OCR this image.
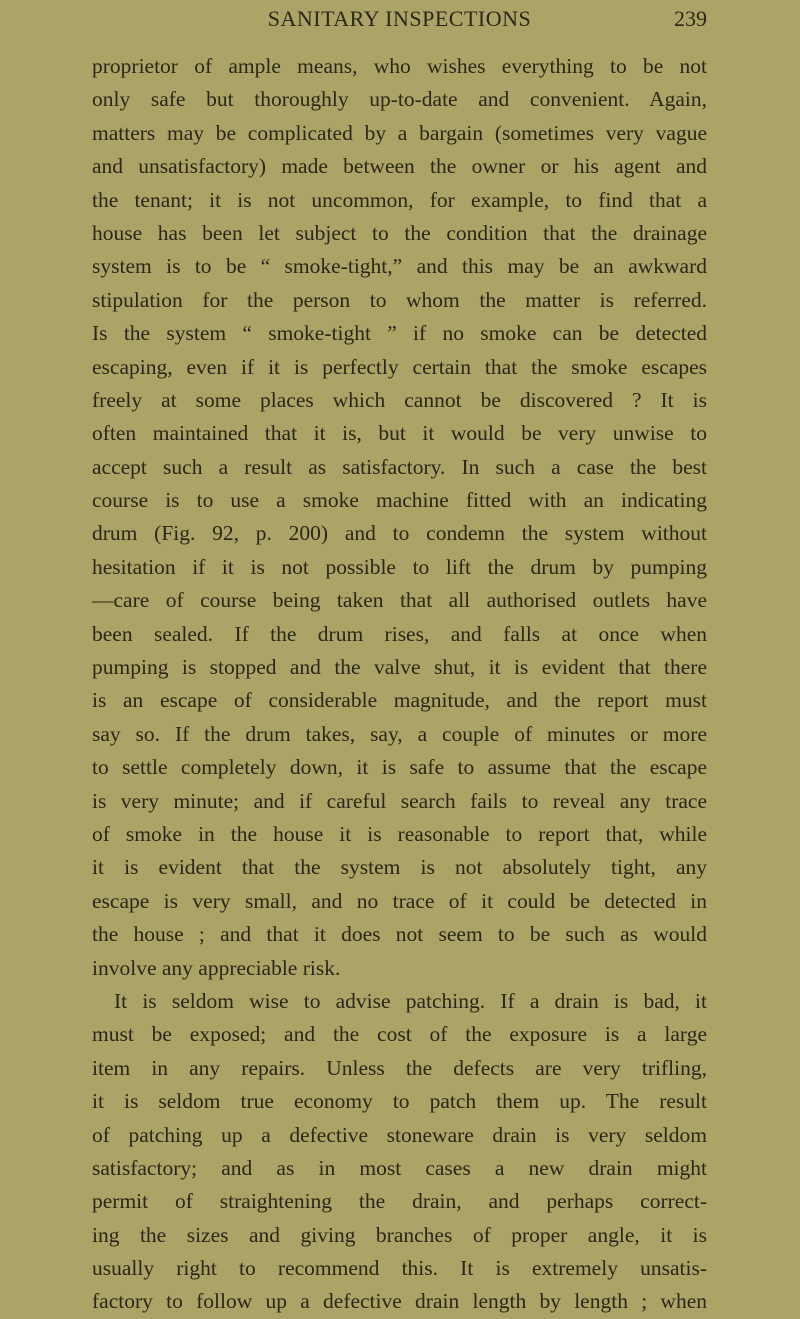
SANITARY INSPECTIONS	239
proprietor of ample means, who wishes everything to be not
only safe but thoroughly up-to-date and convenient. Again,
matters may be complicated by a bargain (sometimes very vague
and unsatisfactory) made between the owner or his agent and
the tenant; it is not uncommon, for example, to find that a
house has been let subject to the condition that the drainage
system is to be “ smoke-tight,” and this may be an awkward
stipulation for the person to whom the matter is referred.
Is the system “ smoke-tight ” if no smoke can be detected
escaping, even if it is perfectly certain that the smoke escapes
freely at some places which cannot be discovered ? It is
often maintained that it is, but it would be very unwise to
accept such a result as satisfactory. In such a case the best
course is to use a smoke machine fitted with an indicating
drum (Fig. 92, p. 200) and to condemn the system without
hesitation if it is not possible to lift the drum by pumping
—care of course being taken that all authorised outlets have
been sealed. If the drum rises, and falls at once when
pumping is stopped and the valve shut, it is evident that there
is an escape of considerable magnitude, and the report must
say so. If the drum takes, say, a couple of minutes or more
to settle completely down, it is safe to assume that the escape
is very minute; and if careful search fails to reveal any trace
of smoke in the house it is reasonable to report that, while
it is evident that the system is not absolutely tight, any
escape is very small, and no trace of it could be detected in
the house ; and that it does not seem to be such as would
involve any appreciable risk.
It is seldom wise to advise patching. If a drain is bad, it
must be exposed; and the cost of the exposure is a large
item in any repairs. Unless the defects are very trifling,
it is seldom true economy to patch them up. The result
of patching up a defective stoneware drain is very seldom
satisfactory; and as in most cases a new drain might
permit of straightening the drain, and perhaps correct-
ing the sizes and giving branches of proper angle, it is
usually right to recommend this. It is extremely unsatis-
factory to follow up a defective drain length by length ; when
